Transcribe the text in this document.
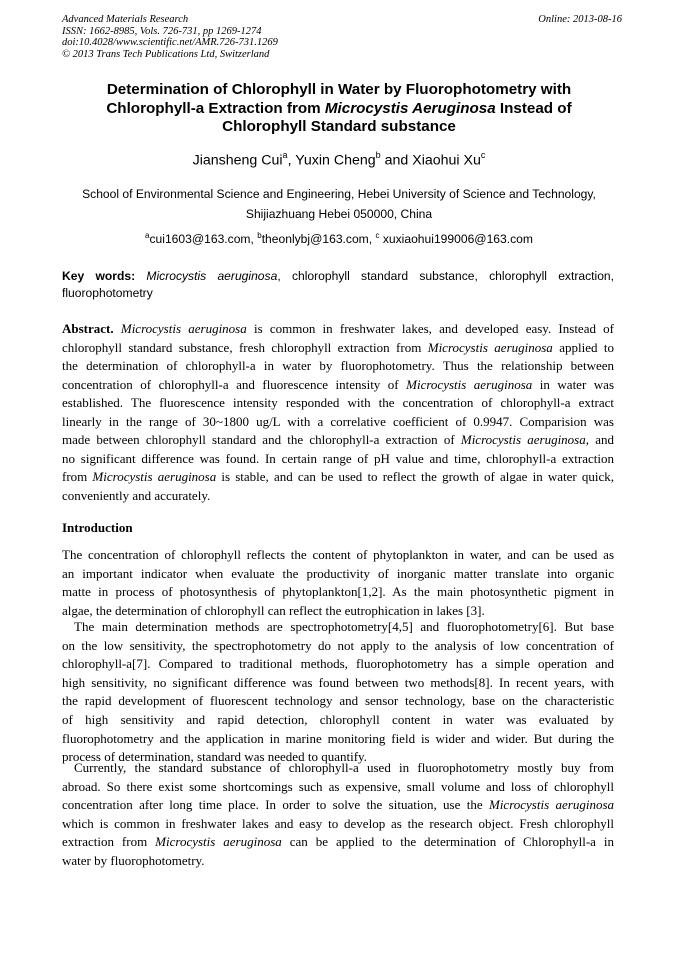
Advanced Materials Research
ISSN: 1662-8985, Vols. 726-731, pp 1269-1274
doi:10.4028/www.scientific.net/AMR.726-731.1269
© 2013 Trans Tech Publications Ltd, Switzerland
Online: 2013-08-16
Determination of Chlorophyll in Water by Fluorophotometry with
Chlorophyll-a Extraction from Microcystis Aeruginosa Instead of
Chlorophyll Standard substance
Jiansheng Cui$^a$, Yuxin Cheng$^b$ and Xiaohui Xu$^c$
School of Environmental Science and Engineering, Hebei University of Science and Technology,
Shijiazhuang Hebei 050000, China
$^a$cui1603@163.com, $^b$theonlybj@163.com, $^c$ xuxiaohui199006@163.com
Key words: Microcystis aeruginosa, chlorophyll standard substance, chlorophyll extraction,
fluorophotometry
Abstract. Microcystis aeruginosa is common in freshwater lakes, and developed easy. Instead of
chlorophyll standard substance, fresh chlorophyll extraction from Microcystis aeruginosa applied to
the determination of chlorophyll-a in water by fluorophotometry. Thus the relationship between
concentration of chlorophyll-a and fluorescence intensity of Microcystis aeruginosa in water was
established. The fluorescence intensity responded with the concentration of chlorophyll-a extract
linearly in the range of 30~1800 ug/L with a correlative coefficient of 0.9947. Comparision was
made between chlorophyll standard and the chlorophyll-a extraction of Microcystis aeruginosa, and
no significant difference was found. In certain range of pH value and time, chlorophyll-a extraction
from Microcystis aeruginosa is stable, and can be used to reflect the growth of algae in water quick,
conveniently and accurately.
Introduction
The concentration of chlorophyll reflects the content of phytoplankton in water, and can be used as
an important indicator when evaluate the productivity of inorganic matter translate into organic
matte in process of photosynthesis of phytoplankton[1,2]. As the main photosynthetic pigment in
algae, the determination of chlorophyll can reflect the eutrophication in lakes [3].
The main determination methods are spectrophotometry[4,5] and fluorophotometry[6]. But base
on the low sensitivity, the spectrophotometry do not apply to the analysis of low concentration of
chlorophyll-a[7]. Compared to traditional methods, fluorophotometry has a simple operation and
high sensitivity, no significant difference was found between two methods[8]. In recent years, with
the rapid development of fluorescent technology and sensor technology, base on the characteristic
of high sensitivity and rapid detection, chlorophyll content in water was evaluated by
fluorophotometry and the application in marine monitoring field is wider and wider. But during the
process of determination, standard was needed to quantify.
Currently, the standard substance of chlorophyll-a used in fluorophotometry mostly buy from
abroad. So there exist some shortcomings such as expensive, small volume and loss of chlorophyll
concentration after long time place. In order to solve the situation, use the Microcystis aeruginosa
which is common in freshwater lakes and easy to develop as the research object. Fresh chlorophyll
extraction from Microcystis aeruginosa can be applied to the determination of Chlorophyll-a in
water by fluorophotometry.
